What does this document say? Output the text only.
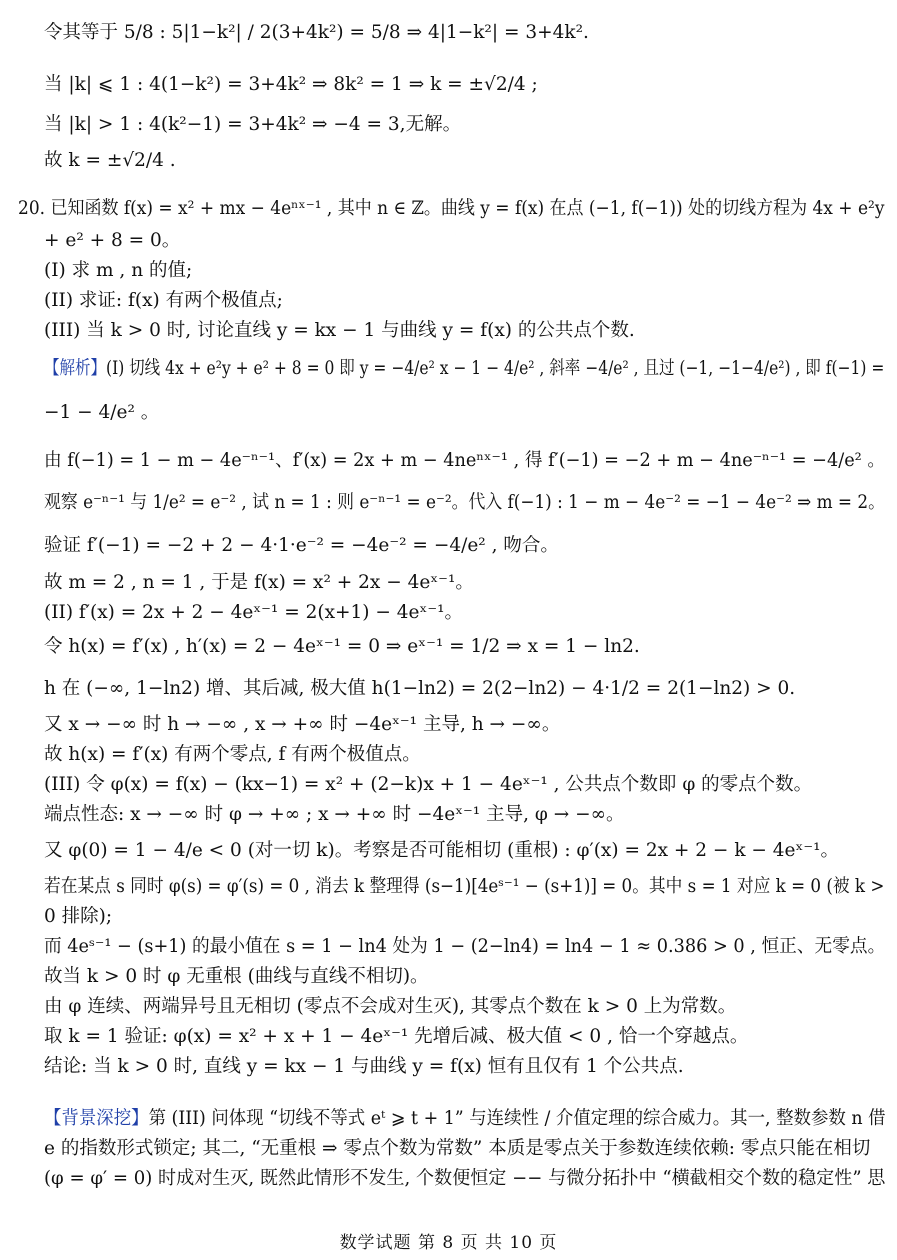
令其等于 5/8 : 5|1−k²| / 2(3+4k²) = 5/8 ⇒ 4|1−k²| = 3+4k².
当 |k| ⩽ 1 : 4(1−k²) = 3+4k² ⇒ 8k² = 1 ⇒ k = ±√2/4 ;
当 |k| > 1 : 4(k²−1) = 3+4k² ⇒ −4 = 3,无解。
故 k = ±√2/4 .
20. 已知函数 f(x) = x² + mx − 4eⁿˣ⁻¹ , 其中 n ∈ ℤ。曲线 y = f(x) 在点 (−1, f(−1)) 处的切线方程为 4x + e²y
+ e² + 8 = 0。
(I) 求 m , n 的值;
(II) 求证: f(x) 有两个极值点;
(III) 当 k > 0 时, 讨论直线 y = kx − 1 与曲线 y = f(x) 的公共点个数.
【解析】(I) 切线 4x + e²y + e² + 8 = 0 即 y = −4/e² x − 1 − 4/e² , 斜率 −4/e² , 且过 (−1, −1−4/e²) , 即 f(−1) =
−1 − 4/e² 。
由 f(−1) = 1 − m − 4e⁻ⁿ⁻¹、f′(x) = 2x + m − 4neⁿˣ⁻¹ , 得 f′(−1) = −2 + m − 4ne⁻ⁿ⁻¹ = −4/e² 。
观察 e⁻ⁿ⁻¹ 与 1/e² = e⁻² , 试 n = 1 : 则 e⁻ⁿ⁻¹ = e⁻²。代入 f(−1) : 1 − m − 4e⁻² = −1 − 4e⁻² ⇒ m = 2。
验证 f′(−1) = −2 + 2 − 4·1·e⁻² = −4e⁻² = −4/e² , 吻合。
故 m = 2 , n = 1 , 于是 f(x) = x² + 2x − 4eˣ⁻¹。
(II) f′(x) = 2x + 2 − 4eˣ⁻¹ = 2(x+1) − 4eˣ⁻¹。
令 h(x) = f′(x) , h′(x) = 2 − 4eˣ⁻¹ = 0 ⇒ eˣ⁻¹ = 1/2 ⇒ x = 1 − ln2.
h 在 (−∞, 1−ln2) 增、其后减, 极大值 h(1−ln2) = 2(2−ln2) − 4·1/2 = 2(1−ln2) > 0.
又 x → −∞ 时 h → −∞ , x → +∞ 时 −4eˣ⁻¹ 主导, h → −∞。
故 h(x) = f′(x) 有两个零点, f 有两个极值点。
(III) 令 φ(x) = f(x) − (kx−1) = x² + (2−k)x + 1 − 4eˣ⁻¹ , 公共点个数即 φ 的零点个数。
端点性态: x → −∞ 时 φ → +∞ ; x → +∞ 时 −4eˣ⁻¹ 主导, φ → −∞。
又 φ(0) = 1 − 4/e < 0 (对一切 k)。考察是否可能相切 (重根) : φ′(x) = 2x + 2 − k − 4eˣ⁻¹。
若在某点 s 同时 φ(s) = φ′(s) = 0 , 消去 k 整理得 (s−1)[4eˢ⁻¹ − (s+1)] = 0。其中 s = 1 对应 k = 0 (被 k >
0 排除);
而 4eˢ⁻¹ − (s+1) 的最小值在 s = 1 − ln4 处为 1 − (2−ln4) = ln4 − 1 ≈ 0.386 > 0 , 恒正、无零点。
故当 k > 0 时 φ 无重根 (曲线与直线不相切)。
由 φ 连续、两端异号且无相切 (零点不会成对生灭), 其零点个数在 k > 0 上为常数。
取 k = 1 验证: φ(x) = x² + x + 1 − 4eˣ⁻¹ 先增后减、极大值 < 0 , 恰一个穿越点。
结论: 当 k > 0 时, 直线 y = kx − 1 与曲线 y = f(x) 恒有且仅有 1 个公共点.
【背景深挖】第 (III) 问体现 “切线不等式 eᵗ ⩾ t + 1” 与连续性 / 介值定理的综合威力。其一, 整数参数 n 借
e 的指数形式锁定; 其二, “无重根 ⇒ 零点个数为常数” 本质是零点关于参数连续依赖: 零点只能在相切
(φ = φ′ = 0) 时成对生灭, 既然此情形不发生, 个数便恒定 −− 与微分拓扑中 “横截相交个数的稳定性” 思
数学试题 第 8 页 共 10 页
